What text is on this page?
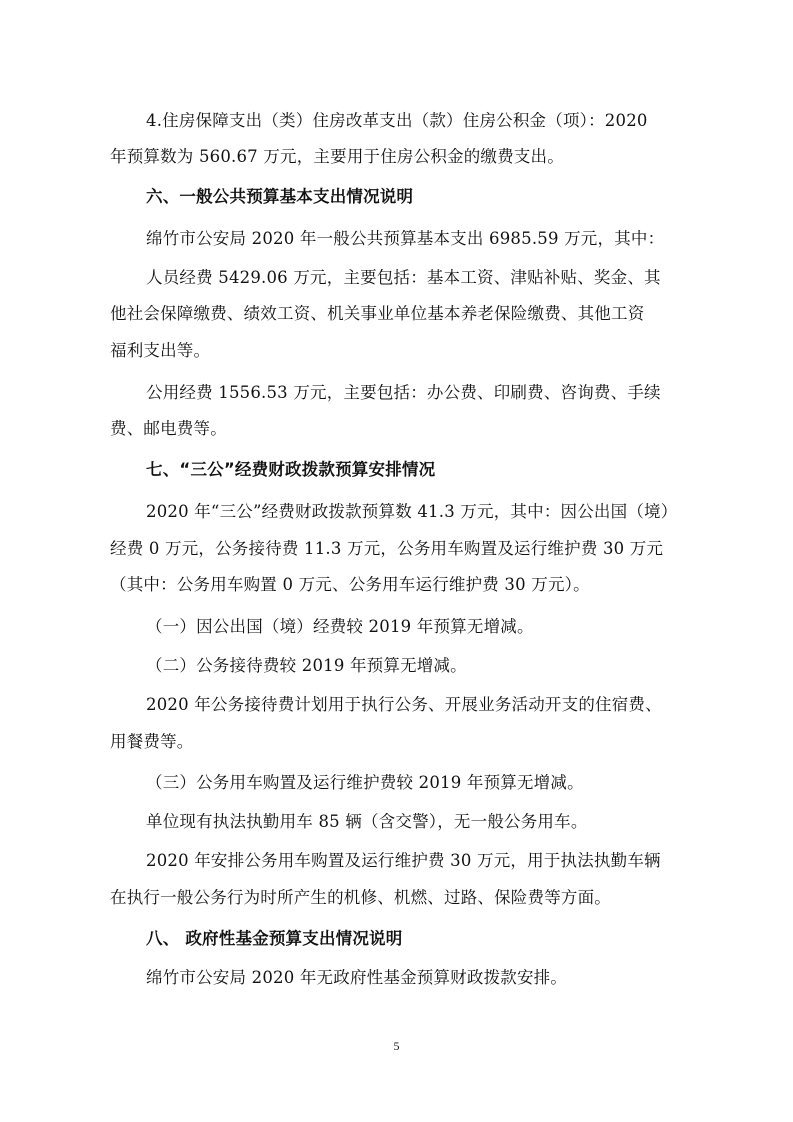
4.住房保障支出（类）住房改革支出（款）住房公积金（项）：2020
年预算数为 560.67 万元，主要用于住房公积金的缴费支出。
六、一般公共预算基本支出情况说明
绵竹市公安局 2020 年一般公共预算基本支出 6985.59 万元，其中：
人员经费 5429.06 万元，主要包括：基本工资、津贴补贴、奖金、其
他社会保障缴费、绩效工资、机关事业单位基本养老保险缴费、其他工资
福利支出等。
公用经费 1556.53 万元，主要包括：办公费、印刷费、咨询费、手续
费、邮电费等。
七、“三公”经费财政拨款预算安排情况
2020 年“三公”经费财政拨款预算数 41.3 万元，其中：因公出国（境）
经费 0 万元，公务接待费 11.3 万元，公务用车购置及运行维护费 30 万元
（其中：公务用车购置 0 万元、公务用车运行维护费 30 万元）。
（一）因公出国（境）经费较 2019 年预算无增减。
（二）公务接待费较 2019 年预算无增减。
2020 年公务接待费计划用于执行公务、开展业务活动开支的住宿费、
用餐费等。
（三）公务用车购置及运行维护费较 2019 年预算无增减。
单位现有执法执勤用车 85 辆（含交警），无一般公务用车。
2020 年安排公务用车购置及运行维护费 30 万元，用于执法执勤车辆
在执行一般公务行为时所产生的机修、机燃、过路、保险费等方面。
八、 政府性基金预算支出情况说明
绵竹市公安局 2020 年无政府性基金预算财政拨款安排。
5
